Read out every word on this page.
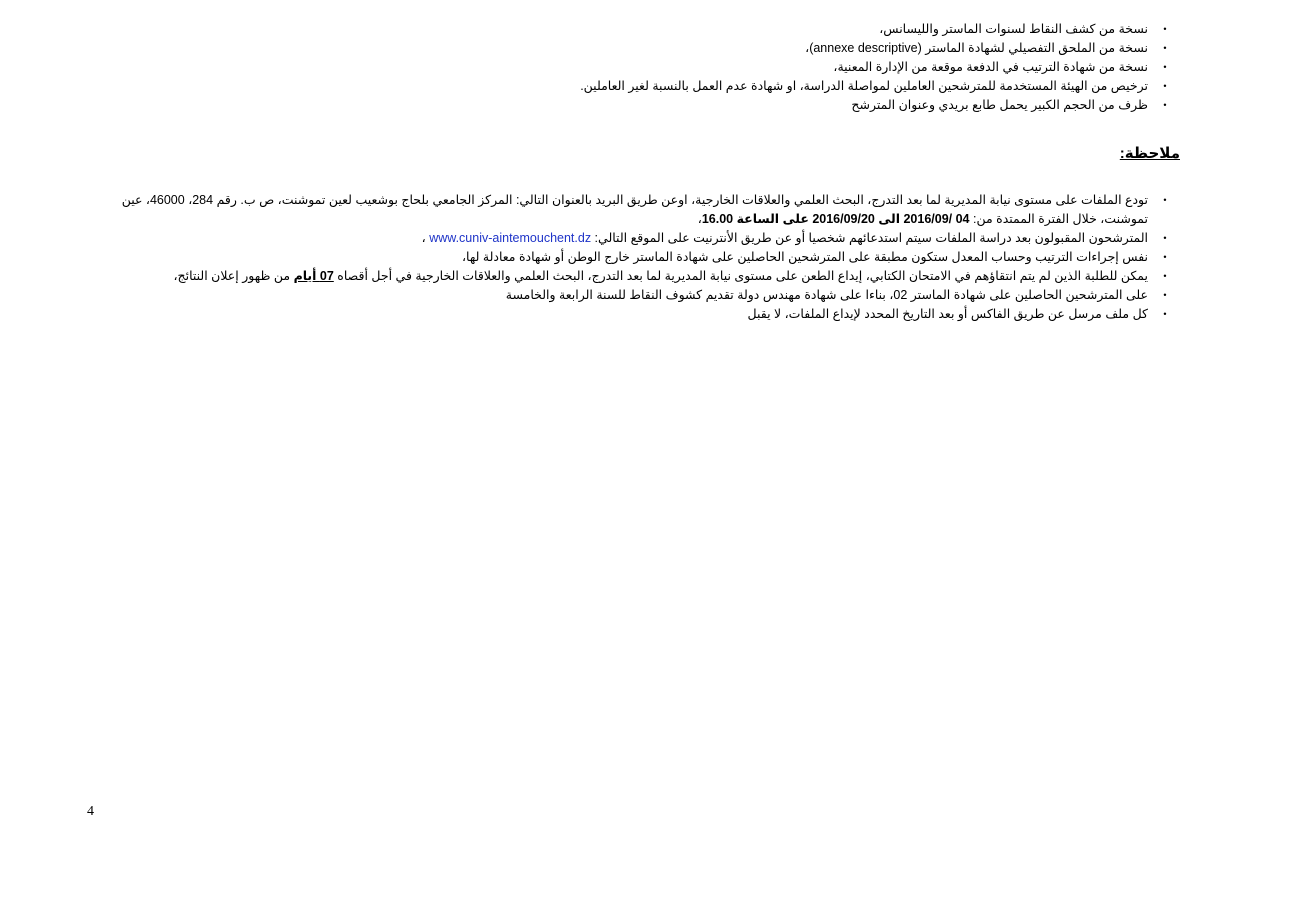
•
نسخة من كشف النقاط لسنوات الماستر والليسانس،
•
نسخة من الملحق التفصيلي لشهادة الماستر (annexe descriptive)،
•
نسخة من شهادة الترتيب في الدفعة موقعة من الإدارة المعنية،
•
ترخيص من الهيئة المستخدمة للمترشحين العاملين لمواصلة الدراسة، او شهادة عدم العمل بالنسبة لغير العاملين.
•
ظرف من الحجم الكبير يحمل طابع بريدي وعنوان المترشح
ملاحظة:
•
تودع الملفات على مستوى نيابة المديرية لما بعد التدرج، البحث العلمي والعلاقات الخارجية، اوعن طريق البريد بالعنوان التالي: المركز الجامعي بلحاج بوشعيب لعين تموشنت، ص ب. رقم 284، 46000، عين تموشنت، خلال الفترة الممتدة من: 04 /2016/09 الى 2016/09/20 على الساعة 16.00،
•
المترشحون المقبولون بعد دراسة الملفات سيتم استدعائهم شخصيا أو عن طريق الأنترنيت على الموقع التالي: www.cuniv-aintemouchent.dz ،
•
نفس إجراءات الترتيب وحساب المعدل ستكون مطبقة على المترشحين الحاصلين على شهادة الماستر خارج الوطن أو شهادة معادلة لها،
•
يمكن للطلبة الذين لم يتم انتقاؤهم في الامتحان الكتابي، إيداع الطعن على مستوى نيابة المديرية لما بعد التدرج، البحث العلمي والعلاقات الخارجية في أجل أقصاه 07 أيام من ظهور إعلان النتائج،
•
على المترشحين الحاصلين على شهادة الماستر 02، بناءا على شهادة مهندس دولة تقديم كشوف النقاط للسنة الرابعة والخامسة
•
كل ملف مرسل عن طريق الفاكس أو بعد التاريخ المحدد لإيداع الملفات، لا يقبل
4
